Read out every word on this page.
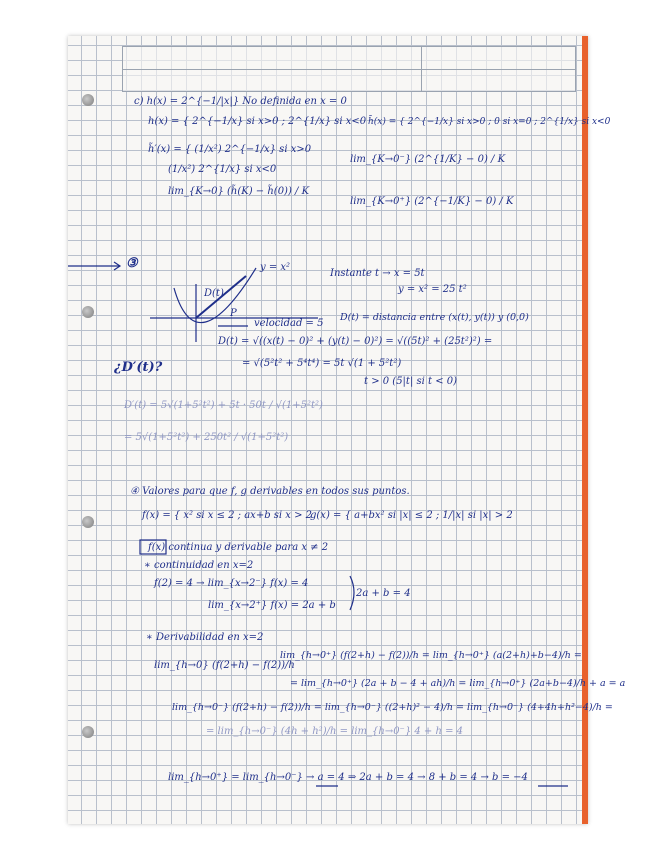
c) h(x) = 2^{−1/|x|} No definida en x = 0
h(x) = { 2^{−1/x} si x>0 ; 2^{1/x} si x<0 h̃(x) = { 2^{−1/x} si x>0 ; 0 si x=0 ; 2^{1/x} si x<0
h̃′(x) = { (1/x²) 2^{−1/x} si x>0
(1/x²) 2^{1/x} si x<0
lim_{K→0} (h̃(K) − h̃(0)) / K
lim_{K→0⁻} (2^{1/K} − 0) / K
lim_{K→0⁺} (2^{−1/K} − 0) / K
③	y = x²
D(t)
P
Instante t → x = 5t
y = x² = 25 t²
velocidad = 5
D(t) = distancia entre (x(t), y(t)) y (0,0)
D(t) = √((x(t) − 0)² + (y(t) − 0)²) = √((5t)² + (25t²)²) =
¿D′(t)?	= √(5²t² + 5⁴t⁴) = 5t √(1 + 5²t²)
t > 0 (5|t| si t < 0)
D′(t) = 5√(1+5²t²) + 5t · 50t / √(1+5²t²)
= 5√(1+5²t²) + 250t² / √(1+5²t²)
④ Valores para que f, g derivables en todos sus puntos.
f(x) = { x² si x ≤ 2 ; ax+b si x > 2
g(x) = { a+bx² si |x| ≤ 2 ; 1/|x| si |x| > 2
f(x) continua y derivable para x ≠ 2
∗ continuidad en x=2
f(2) = 4 → lim_{x→2⁻} f(x) = 4
lim_{x→2⁺} f(x) = 2a + b
2a + b = 4
∗ Derivabilidad en x=2
lim_{h→0⁺} (f(2+h) − f(2))/h = lim_{h→0⁺} (a(2+h)+b−4)/h =
lim_{h→0} (f(2+h) − f(2))/h
= lim_{h→0⁺} (2a + b − 4 + ah)/h = lim_{h→0⁺} (2a+b−4)/h + a = a
lim_{h→0⁻} (f(2+h) − f(2))/h = lim_{h→0⁻} ((2+h)² − 4)/h = lim_{h→0⁻} (4+4h+h²−4)/h =
= lim_{h→0⁻} (4h + h²)/h = lim_{h→0⁻} 4 + h = 4
lim_{h→0⁺} = lim_{h→0⁻} → a = 4 ⇒ 2a + b = 4 → 8 + b = 4 → b = −4
